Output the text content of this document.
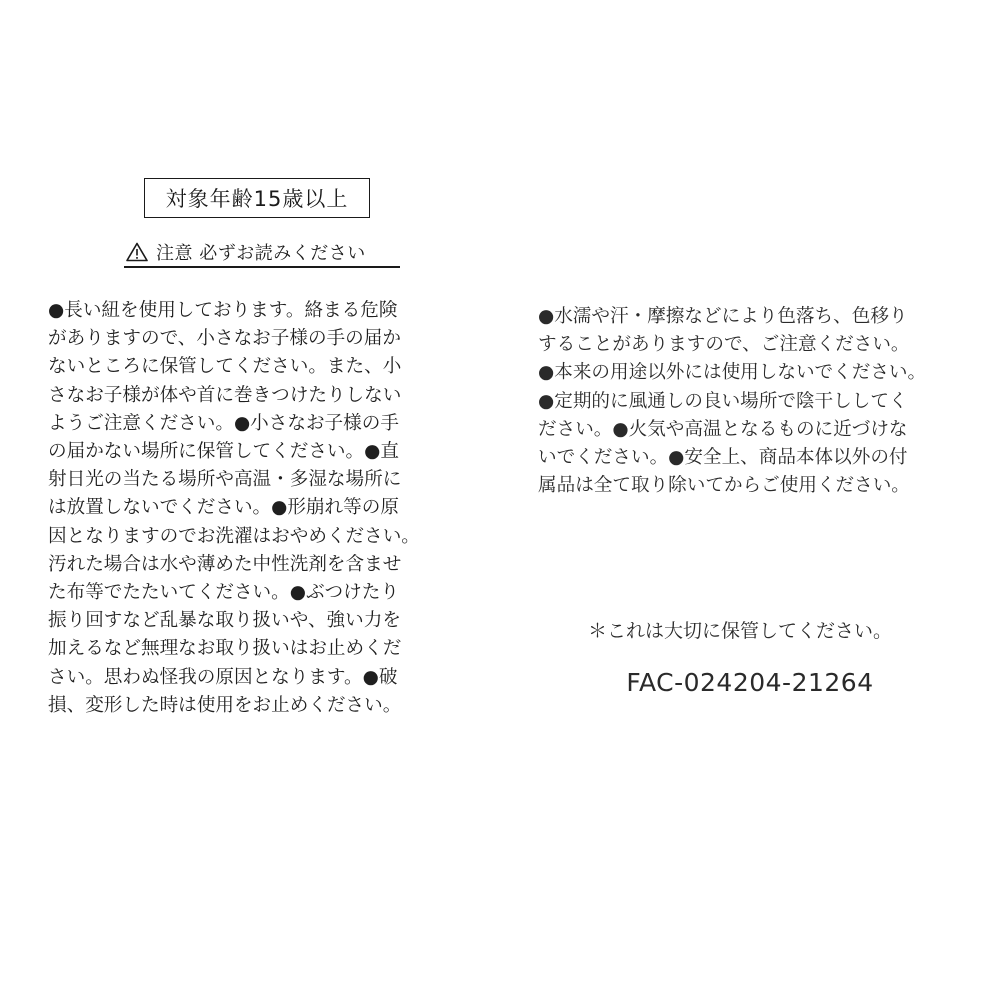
対象年齢15歳以上
注意 必ずお読みください
●長い紐を使用しております。絡まる危険
がありますので、小さなお子様の手の届か
ないところに保管してください。また、小
さなお子様が体や首に巻きつけたりしない
ようご注意ください。●小さなお子様の手
の届かない場所に保管してください。●直
射日光の当たる場所や高温・多湿な場所に
は放置しないでください。●形崩れ等の原
因となりますのでお洗濯はおやめください。
汚れた場合は水や薄めた中性洗剤を含ませ
た布等でたたいてください。●ぶつけたり
振り回すなど乱暴な取り扱いや、強い力を
加えるなど無理なお取り扱いはお止めくだ
さい。思わぬ怪我の原因となります。●破
損、変形した時は使用をお止めください。
●水濡や汗・摩擦などにより色落ち、色移り
することがありますので、ご注意ください。
●本来の用途以外には使用しないでください。
●定期的に風通しの良い場所で陰干ししてく
ださい。●火気や高温となるものに近づけな
いでください。●安全上、商品本体以外の付
属品は全て取り除いてからご使用ください。
＊これは大切に保管してください。
FAC-024204-21264
